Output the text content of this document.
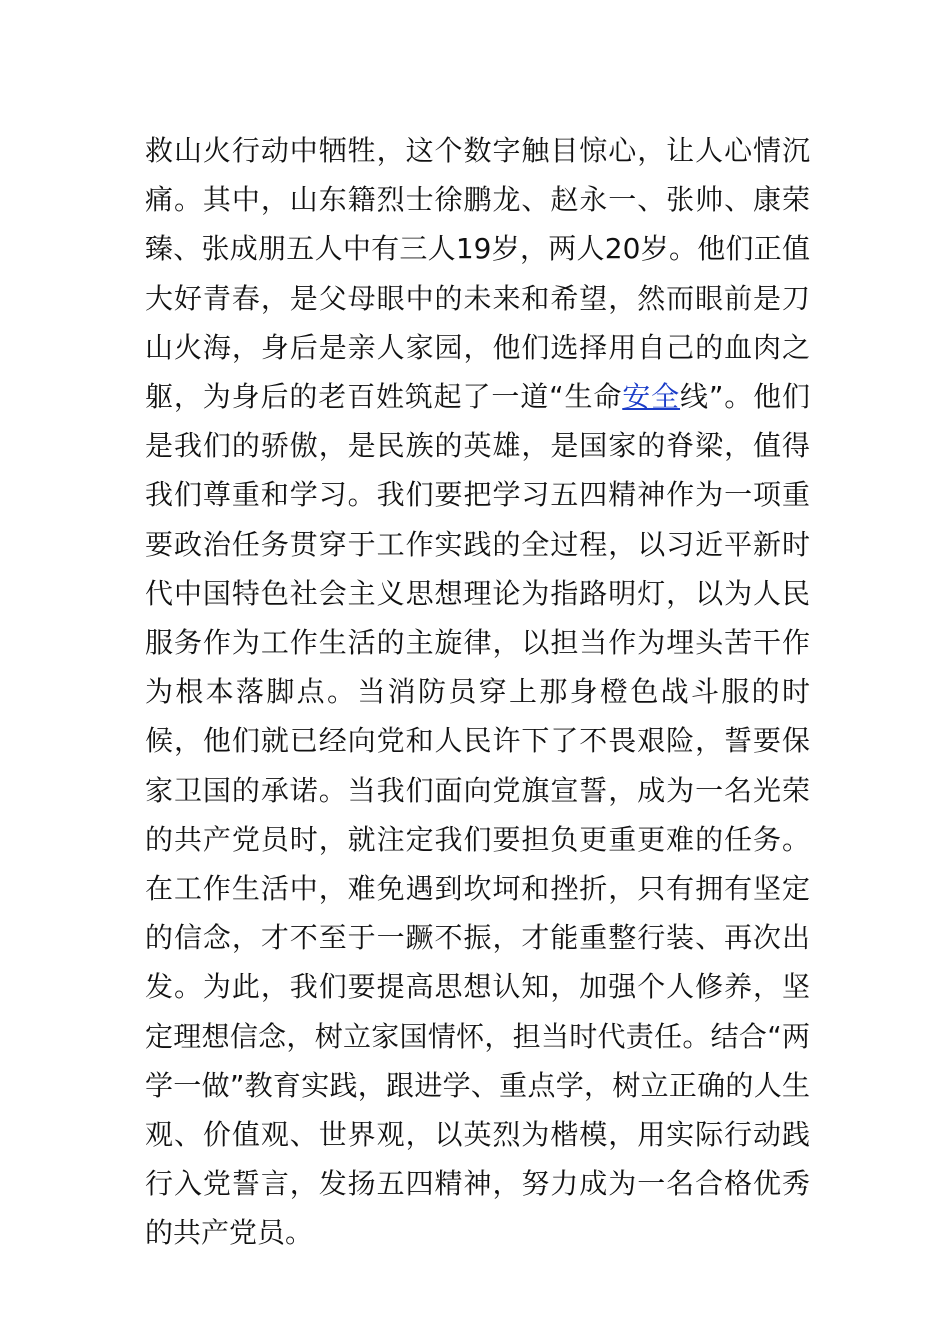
救山火行动中牺牲，这个数字触目惊心，让人心情沉痛。其中，山东籍烈士徐鹏龙、赵永一、张帅、康荣臻、张成朋五人中有三人19岁，两人20岁。他们正值大好青春，是父母眼中的未来和希望，然而眼前是刀山火海，身后是亲人家园，他们选择用自己的血肉之躯，为身后的老百姓筑起了一道“生命安全线”。他们是我们的骄傲，是民族的英雄，是国家的脊梁，值得我们尊重和学习。我们要把学习五四精神作为一项重要政治任务贯穿于工作实践的全过程，以习近平新时代中国特色社会主义思想理论为指路明灯，以为人民服务作为工作生活的主旋律，以担当作为埋头苦干作为根本落脚点。当消防员穿上那身橙色战斗服的时候，他们就已经向党和人民许下了不畏艰险，誓要保家卫国的承诺。当我们面向党旗宣誓，成为一名光荣的共产党员时，就注定我们要担负更重更难的任务。在工作生活中，难免遇到坎坷和挫折，只有拥有坚定的信念，才不至于一蹶不振，才能重整行装、再次出发。为此，我们要提高思想认知，加强个人修养，坚定理想信念，树立家国情怀，担当时代责任。结合“两学一做”教育实践，跟进学、重点学，树立正确的人生观、价值观、世界观，以英烈为楷模，用实际行动践行入党誓言，发扬五四精神，努力成为一名合格优秀的共产党员。
